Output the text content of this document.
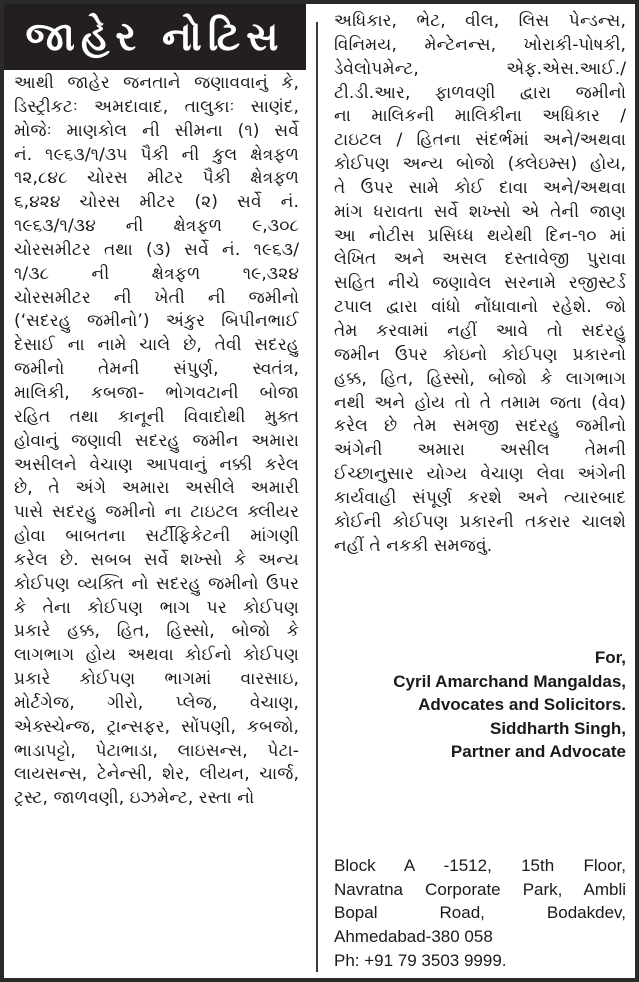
જાહેર નોટિસ
આથી જાહેર જનતાને જણાવવાનું કે,
ડિસ્ટ્રીકટઃ અમદાવાદ, તાલુકાઃ સાણંદ,
મોજેઃ માણકોલ ની સીમના (૧) સર્વે
નં. ૧૯૬૩/૧/૩૫ પૈકી ની કુલ ક્ષેત્રફળ
૧૨,૮૪૮ ચોરસ મીટર પૈકી ક્ષેત્રફળ
૬,૪૨૪ ચોરસ મીટર (૨) સર્વે નં.
૧૯૬૩/૧/૩૪ ની ક્ષેત્રફળ ૯,૩૦૮
ચોરસમીટર તથા (૩) સર્વે નં. ૧૯૬૩/
૧/૩૮ ની ક્ષેત્રફળ ૧૯,૩૨૪
ચોરસમીટર ની ખેતી ની જમીનો
(‘સદરહુ જમીનો’) અંકુર બિપીનભાઈ
દેસાઈ ના નામે ચાલે છે, તેવી સદરહુ
જમીનો તેમની સંપુર્ણ, સ્વતંત્ર,
માલિકી, કબજા- ભોગવટાની બોજા
રહિત તથા કાનૂની વિવાદોથી મુક્ત
હોવાનું જણાવી સદરહુ જમીન અમારા
અસીલને વેચાણ આપવાનું નક્કી કરેલ
છે, તે અંગે અમારા અસીલે અમારી
પાસે સદરહુ જમીનો ના ટાઇટલ ક્લીયર
હોવા બાબતના સર્ટીફિકેટની માંગણી
કરેલ છે. સબબ સર્વે શખ્સો કે અન્ય
કોઈપણ વ્યક્તિ નો સદરહુ જમીનો ઉપર
કે તેના કોઈપણ ભાગ પર કોઈપણ
પ્રકારે હક્ક, હિત, હિસ્સો, બોજો કે
લાગભાગ હોય અથવા કોઈનો કોઈપણ
પ્રકારે કોઈપણ ભાગમાં વારસાઇ,
મોર્ટગેજ, ગીરો, પ્લેજ, વેચાણ,
એક્સ્ચેન્જ, ટ્રાન્સફર, સોંપણી, કબજો,
ભાડાપટ્ટો, પેટાભાડા, લાઇસન્સ, પેટા-
લાયસન્સ, ટેનેન્સી, શેર, લીયન, ચાર્જ,
ટ્રસ્ટ, જાળવણી, ઇઝમેન્ટ, રસ્તા નો
અધિકાર, ભેટ, વીલ, લિસ પેન્ડન્સ,
વિનિમય, મેન્ટેનન્સ, ખોરાકી-પોષકી,
ડેવેલોપમેન્ટ, એફ.એસ.આઈ./
ટી.ડી.આર, ફાળવણી દ્વારા જમીનો
ના માલિકની માલિકીના અધિકાર /
ટાઇટલ / હિતના સંદર્ભમાં અને/અથવા
કોઈપણ અન્ય બોજો (ક્લેઇમ્સ) હોય,
તે ઉપર સામે કોઈ દાવા અને/અથવા
માંગ ધરાવતા સર્વે શખ્સો એ તેની જાણ
આ નોટીસ પ્રસિધ્ધ થયેથી દિન-૧૦ માં
લેખિત અને અસલ દસ્તાવેજી પુરાવા
સહિત નીચે જણાવેલ સરનામે રજીસ્ટર્ડ
ટપાલ દ્વારા વાંધો નોંધાવાનો રહેશે. જો
તેમ કરવામાં નહીં આવે તો સદરહુ
જમીન ઉપર કોઇનો કોઈપણ પ્રકારનો
હક્ક, હિત, હિસ્સો, બોજો કે લાગભાગ
નથી અને હોય તો તે તમામ જતા (વેવ)
કરેલ છે તેમ સમજી સદરહુ જમીનો
અંગેની અમારા અસીલ તેમની
ઈચ્છાનુસાર યોગ્ય વેચાણ લેવા અંગેની
કાર્યવાહી સંપૂર્ણ કરશે અને ત્યારબાદ
કોઈની કોઈપણ પ્રકારની તકરાર ચાલશે
નહીં તે નકકી સમજવું.
For,
Cyril Amarchand Mangaldas,
Advocates and Solicitors.
Siddharth Singh,
Partner and Advocate
Block A -1512, 15th Floor,
Navratna Corporate Park, Ambli
Bopal Road, Bodakdev,
Ahmedabad-380 058
Ph: +91 79 3503 9999.
